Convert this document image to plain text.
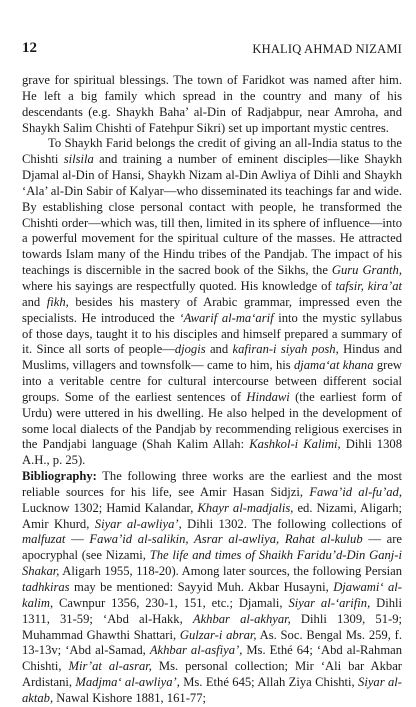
12	KHALIQ AHMAD NIZAMI

grave for spiritual blessings. The town of Faridkot was named after him. He left a big family which spread in the country and many of his descendants (e.g. Shaykh Baha’ al-Din of Radjabpur, near Amroha, and Shaykh Salim Chishti of Fatehpur Sikri) set up important mystic centres.

To Shaykh Farid belongs the credit of giving an all-India status to the Chishti silsila and training a number of eminent disciples—like Shaykh Djamal al-Din of Hansi, Shaykh Nizam al-Din Awliya of Dihli and Shaykh ‘Ala’ al-Din Sabir of Kalyar—who disseminated its teachings far and wide. By establishing close personal contact with people, he transformed the Chishti order—which was, till then, limited in its sphere of influence—into a powerful movement for the spiritual culture of the masses. He attracted towards Islam many of the Hindu tribes of the Pandjab. The impact of his teachings is discernible in the sacred book of the Sikhs, the Guru Granth, where his sayings are respectfully quoted. His knowledge of tafsir, kira’at and fikh, besides his mastery of Arabic grammar, impressed even the specialists. He introduced the ‘Awarif al-ma‘arif into the mystic syllabus of those days, taught it to his disciples and himself prepared a summary of it. Since all sorts of people—djogis and kafiran-i siyah posh, Hindus and Muslims, villagers and townsfolk— came to him, his djama‘at khana grew into a veritable centre for cultural intercourse between different social groups. Some of the earliest sentences of Hindawi (the earliest form of Urdu) were uttered in his dwelling. He also helped in the development of some local dialects of the Pandjab by recommending religious exercises in the Pandjabi language (Shah Kalim Allah: Kashkol-i Kalimi, Dihli 1308 A.H., p. 25).

Bibliography: The following three works are the earliest and the most reliable sources for his life, see Amir Hasan Sidjzi, Fawa’id al-fu’ad, Lucknow 1302; Hamid Kalandar, Khayr al-madjalis, ed. Nizami, Aligarh; Amir Khurd, Siyar al-awliya’, Dihli 1302. The following collections of malfuzat — Fawa’id al-salikin, Asrar al-awliya, Rahat al-kulub — are apocryphal (see Nizami, The life and times of Shaikh Faridu’d-Din Ganj-i Shakar, Aligarh 1955, 118-20). Among later sources, the following Persian tadhkiras may be mentioned: Sayyid Muh. Akbar Husayni, Djawami‘ al-kalim, Cawnpur 1356, 230-1, 151, etc.; Djamali, Siyar al-‘arifin, Dihli 1311, 31-59; ‘Abd al-Hakk, Akhbar al-akhyar, Dihli 1309, 51-9; Muhammad Ghawthi Shattari, Gulzar-i abrar, As. Soc. Bengal Ms. 259, f. 13-13v; ‘Abd al-Samad, Akhbar al-asfiya’, Ms. Ethé 64; ‘Abd al-Rahman Chishti, Mir’at al-asrar, Ms. personal collection; Mir ‘Ali bar Akbar Ardistani, Madjma‘ al-awliya’, Ms. Ethé 645; Allah Ziya Chishti, Siyar al-aktab, Nawal Kishore 1881, 161-77;
